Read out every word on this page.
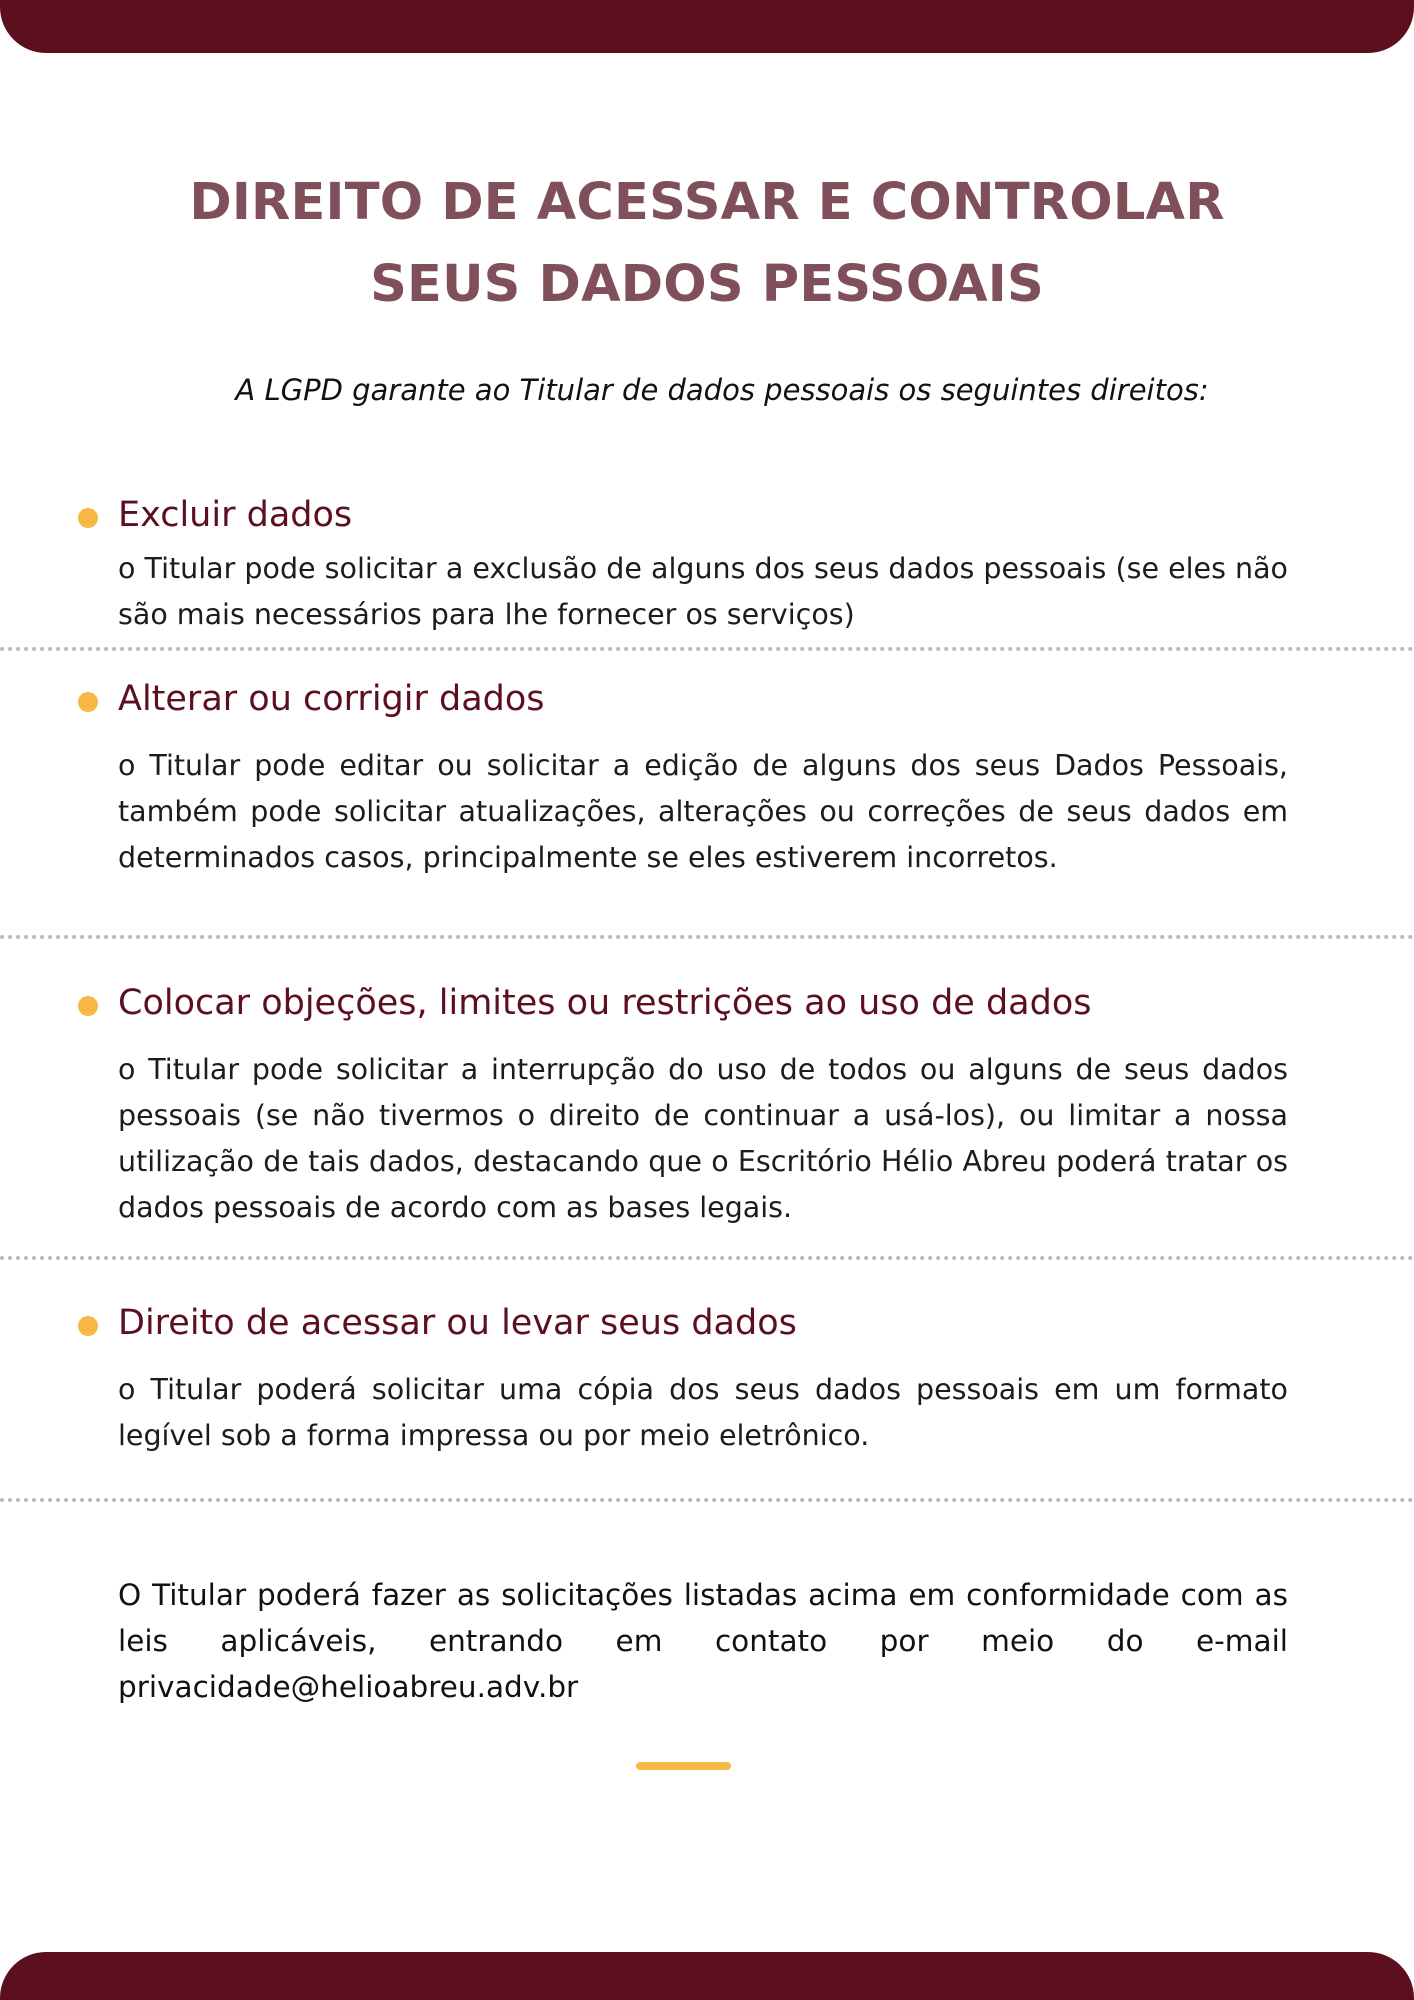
DIREITO DE ACESSAR E CONTROLAR
SEUS DADOS PESSOAIS

A LGPD garante ao Titular de dados pessoais os seguintes direitos:

Excluir dados

o Titular pode solicitar a exclusão de alguns dos seus dados pessoais (se eles não são mais necessários para lhe fornecer os serviços)

Alterar ou corrigir dados

o Titular pode editar ou solicitar a edição de alguns dos seus Dados Pessoais, também pode solicitar atualizações, alterações ou correções de seus dados em determinados casos, principalmente se eles estiverem incorretos.

Colocar objeções, limites ou restrições ao uso de dados

o Titular pode solicitar a interrupção do uso de todos ou alguns de seus dados pessoais (se não tivermos o direito de continuar a usá-los), ou limitar a nossa utilização de tais dados, destacando que o Escritório Hélio Abreu poderá tratar os dados pessoais de acordo com as bases legais.

Direito de acessar ou levar seus dados

o Titular poderá solicitar uma cópia dos seus dados pessoais em um formato legível sob a forma impressa ou por meio eletrônico.

O Titular poderá fazer as solicitações listadas acima em conformidade com as leis aplicáveis, entrando em contato por meio do e-mail privacidade@helioabreu.adv.br
